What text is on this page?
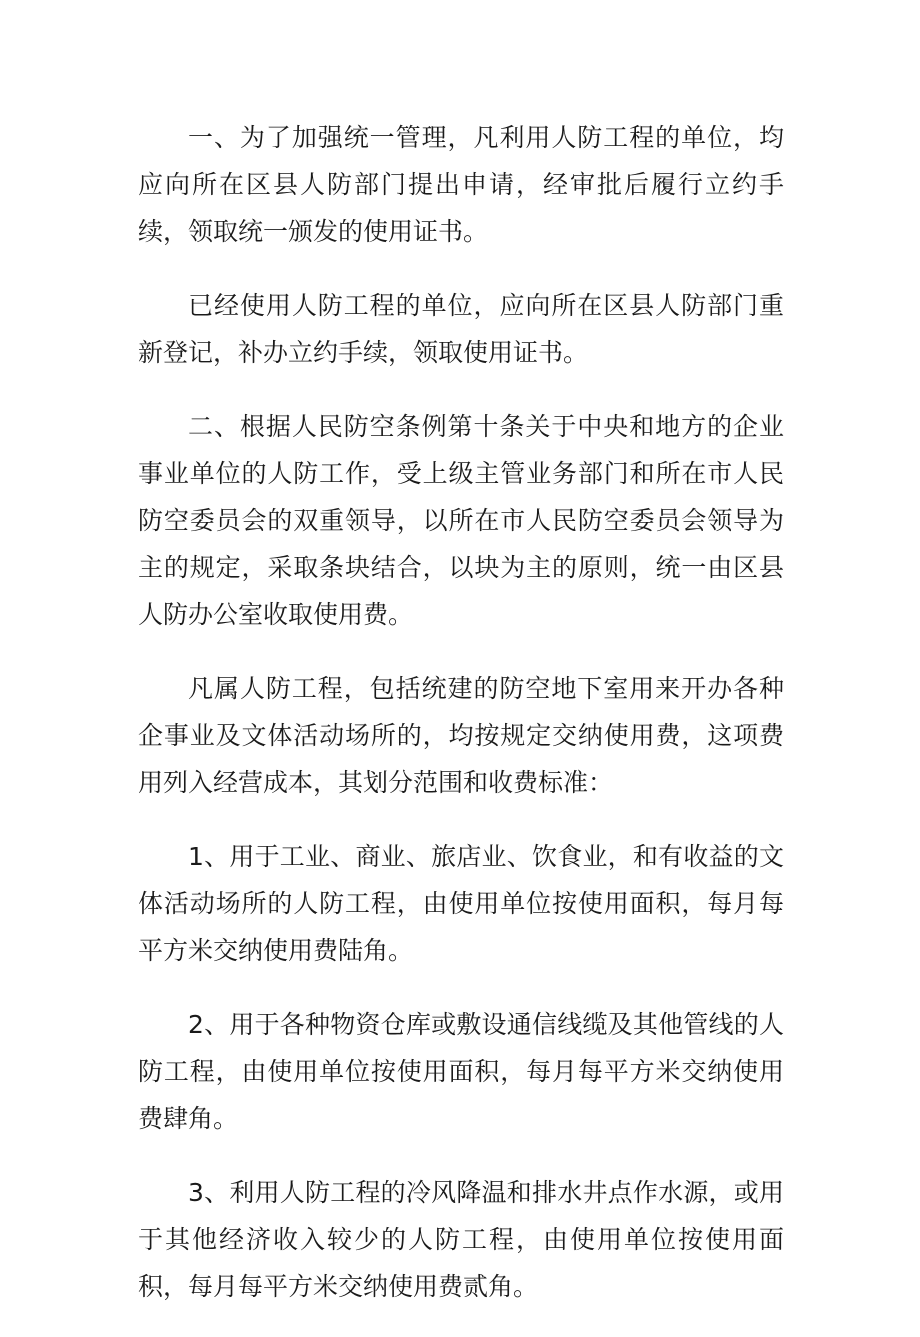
一、为了加强统一管理，凡利用人防工程的单位，均应向所在区县人防部门提出申请，经审批后履行立约手续，领取统一颁发的使用证书。

已经使用人防工程的单位，应向所在区县人防部门重新登记，补办立约手续，领取使用证书。

二、根据人民防空条例第十条关于中央和地方的企业事业单位的人防工作，受上级主管业务部门和所在市人民防空委员会的双重领导，以所在市人民防空委员会领导为主的规定，采取条块结合，以块为主的原则，统一由区县人防办公室收取使用费。

凡属人防工程，包括统建的防空地下室用来开办各种企事业及文体活动场所的，均按规定交纳使用费，这项费用列入经营成本，其划分范围和收费标准：

1、用于工业、商业、旅店业、饮食业，和有收益的文体活动场所的人防工程，由使用单位按使用面积，每月每平方米交纳使用费陆角。

2、用于各种物资仓库或敷设通信线缆及其他管线的人防工程，由使用单位按使用面积，每月每平方米交纳使用费肆角。

3、利用人防工程的冷风降温和排水井点作水源，或用于其他经济收入较少的人防工程，由使用单位按使用面积，每月每平方米交纳使用费贰角。
